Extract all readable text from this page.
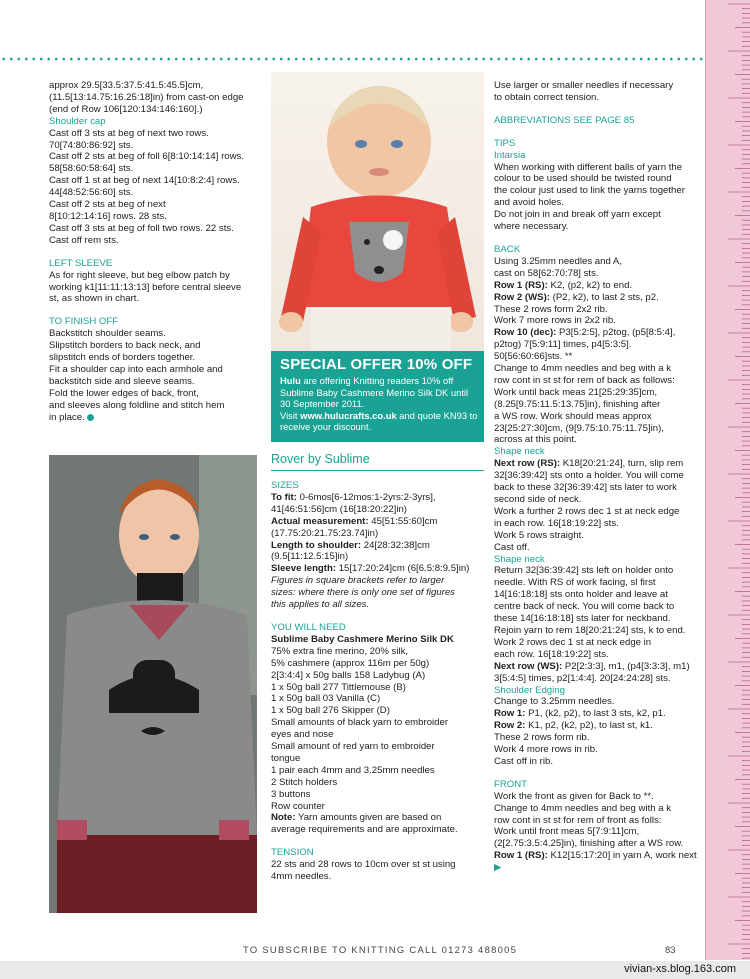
approx 29.5[33.5:37.5:41.5:45.5]cm,

(11.5[13:14.75:16.25:18]in) from cast-on edge

(end of Row 106[120:134:146:160].)

Shoulder cap

Cast off 3 sts at beg of next two rows.

70[74:80:86:92] sts.

Cast off 2 sts at beg of foll 6[8:10:14:14] rows.

58[58:60:58:64] sts.

Cast off 1 st at beg of next 14[10:8:2:4] rows.

44[48:52:56:60] sts.

Cast off 2 sts at beg of next

8[10:12:14:16] rows. 28 sts.

Cast off 3 sts at beg of foll two rows. 22 sts.

Cast off rem sts.

LEFT SLEEVE

As for right sleeve, but beg elbow patch by

working k1[11:11:13:13] before central sleeve

st, as shown in chart.

TO FINISH OFF

Backstitch shoulder seams.

Slipstitch borders to back neck, and

slipstitch ends of borders together.

Fit a shoulder cap into each armhole and

backstitch side and sleeve seams.

Fold the lower edges of back, front,

and sleeves along foldline and stitch hem

in place.

SPECIAL OFFER 10% OFF
Hulu are offering Knitting readers 10% off Sublime Baby Cashmere Merino Silk DK until 30 September 2011.
Visit www.hulucrafts.co.uk and quote KN93 to receive your discount.
Rover by Sublime

SIZES

To fit: 0-6mos[6-12mos:1-2yrs:2-3yrs],

41[46:51:56]cm (16[18:20:22]in)

Actual measurement: 45[51:55:60]cm

(17.75:20:21.75:23.74]in)

Length to shoulder: 24[28:32:38]cm

(9.5[11:12.5:15]in)

Sleeve length: 15[17:20:24]cm (6[6.5:8:9.5]in)

Figures in square brackets refer to larger

sizes: where there is only one set of figures

this applies to all sizes.

YOU WILL NEED

Sublime Baby Cashmere Merino Silk DK

75% extra fine merino, 20% silk,

5% cashmere (approx 116m per 50g)

2[3:4:4] x 50g balls 158 Ladybug (A)

1 x 50g ball 277 Tittlemouse (B)

1 x 50g ball 03 Vanilla (C)

1 x 50g ball 276 Skipper (D)

Small amounts of black yarn to embroider

eyes and nose

Small amount of red yarn to embroider

tongue

1 pair each 4mm and 3.25mm needles

2 Stitch holders

3 buttons

Row counter

Note: Yarn amounts given are based on

average requirements and are approximate.

TENSION

22 sts and 28 rows to 10cm over st st using

4mm needles.

Use larger or smaller needles if necessary

to obtain correct tension.

ABBREVIATIONS SEE PAGE 85

TIPS

Intarsia

When working with different balls of yarn the

colour to be used should be twisted round

the colour just used to link the yarns together

and avoid holes.

Do not join in and break off yarn except

where necessary.

BACK

Using 3.25mm needles and A,

cast on 58[62:70:78] sts.

Row 1 (RS): K2, (p2, k2) to end.

Row 2 (WS): (P2, k2), to last 2 sts, p2.

These 2 rows form 2x2 rib.

Work 7 more rows in 2x2 rib.

Row 10 (dec): P3[5:2:5], p2tog, (p5[8:5:4],

p2tog) 7[5:9:11] times, p4[5:3:5].

50[56:60:66]sts. **

Change to 4mm needles and beg with a k

row cont in st st for rem of back as follows:

Work until back meas 21[25:29:35]cm,

(8.25[9.75:11.5:13.75]in), finishing after

a WS row. Work should meas approx

23[25:27:30]cm, (9[9.75:10.75:11.75]in),

across at this point.

Shape neck

Next row (RS): K18[20:21:24], turn, slip rem

32[36:39:42] sts onto a holder. You will come

back to these 32[36:39:42] sts later to work

second side of neck.

Work a further 2 rows dec 1 st at neck edge

in each row. 16[18:19:22] sts.

Work 5 rows straight.

Cast off.

Shape neck

Return 32[36:39:42] sts left on holder onto

needle. With RS of work facing, sl first

14[16:18:18] sts onto holder and leave at

centre back of neck. You will come back to

these 14[16:18:18] sts later for neckband.

Rejoin yarn to rem 18[20:21:24] sts, k to end.

Work 2 rows dec 1 st at neck edge in

each row. 16[18:19:22] sts.

Next row (WS): P2[2:3:3], m1, (p4[3:3:3], m1)

3[5:4:5] times, p2[1:4:4]. 20[24:24:28] sts.

Shoulder Edging

Change to 3.25mm needles.

Row 1: P1, (k2, p2), to last 3 sts, k2, p1.

Row 2: K1, p2, (k2, p2), to last st, k1.

These 2 rows form rib.

Work 4 more rows in rib.

Cast off in rib.

FRONT

Work the front as given for Back to **.

Change to 4mm needles and beg with a k

row cont in st st for rem of front as folls:

Work until front meas 5[7:9:11]cm,

(2[2.75:3.5:4.25]in), finishing after a WS row.

Row 1 (RS): K12[15:17:20] in yarn A, work next ▶

TO SUBSCRIBE TO KNITTING CALL 01273 488005	83
vivian-xs.blog.163.com
